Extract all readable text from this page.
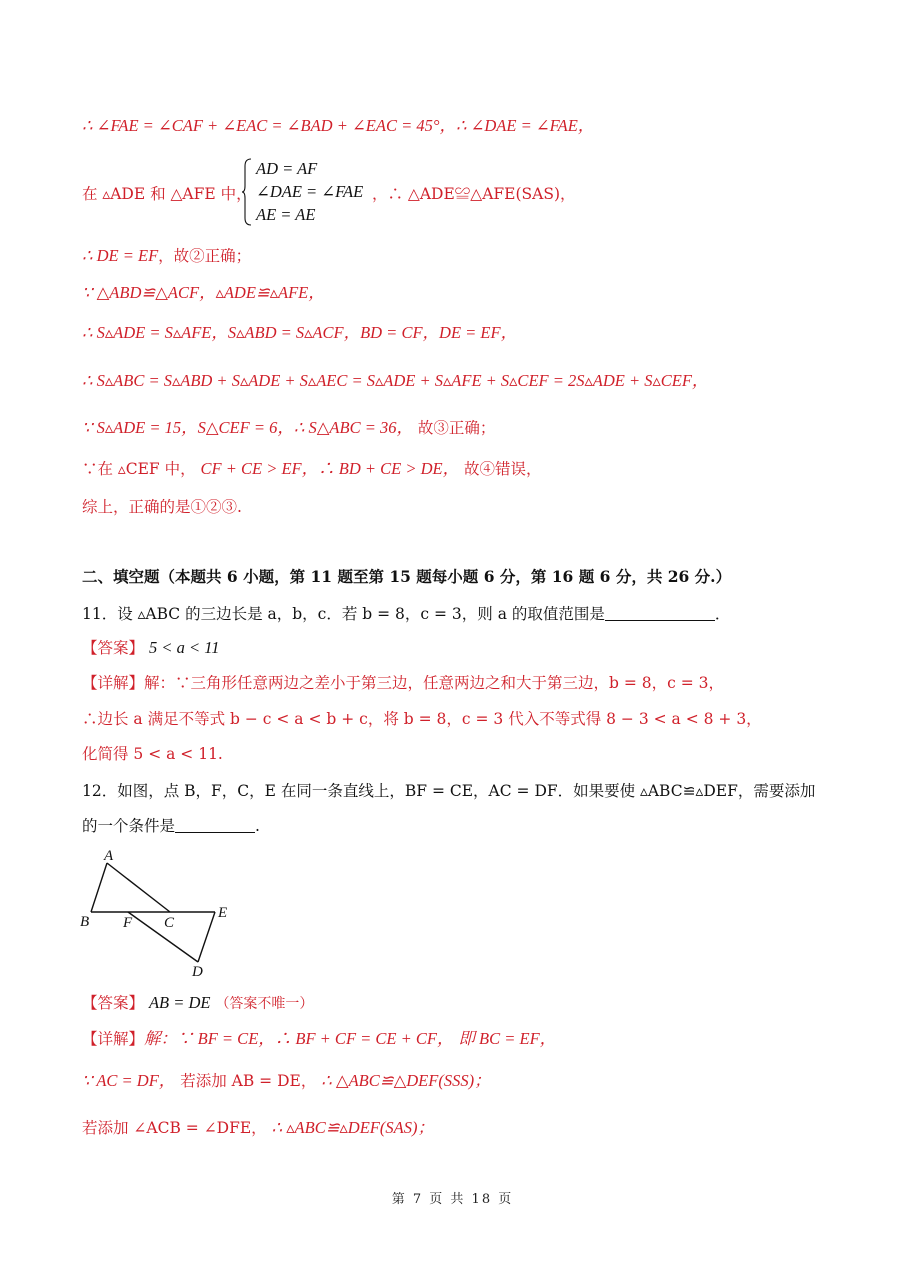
∴ ∠FAE = ∠CAF + ∠EAC = ∠BAD + ∠EAC = 45°，∴ ∠DAE = ∠FAE，
在 ▵ADE 和 △AFE 中，
AD = AF
∠DAE = ∠FAE
AE = AE
，∴ △ADE≌△AFE(SAS)，
∴ DE = EF，故②正确；
∵ △ABD≌△ACF，▵ADE≌▵AFE，
∴ S▵ADE = S▵AFE，S▵ABD = S▵ACF，BD = CF，DE = EF，
∴ S▵ABC = S▵ABD + S▵ADE + S▵AEC = S▵ADE + S▵AFE + S▵CEF = 2S▵ADE + S▵CEF，
∵ S▵ADE = 15，S△CEF = 6，∴ S△ABC = 36， 故③正确；
∵在 ▵CEF 中， CF + CE > EF，∴ BD + CE > DE， 故④错误，
综上，正确的是①②③.
二、填空题（本题共 6 小题，第 11 题至第 15 题每小题 6 分，第 16 题 6 分，共 26 分.）
11．设 ▵ABC 的三边长是 a，b，c．若 b = 8，c = 3，则 a 的取值范围是	．
【答案】 5 < a < 11
【详解】解：∵三角形任意两边之差小于第三边，任意两边之和大于第三边，b = 8，c = 3，
∴边长 a 满足不等式 b − c < a < b + c，将 b = 8，c = 3 代入不等式得 8 − 3 < a < 8 + 3，
化简得 5 < a < 11.
12．如图，点 B，F，C，E 在同一条直线上，BF = CE，AC = DF．如果要使 ▵ABC≌▵DEF，需要添加
的一个条件是	.
A
B F C
E
D
【答案】 AB = DE （答案不唯一）
【详解】解：∵ BF = CE，∴ BF + CF = CE + CF， 即 BC = EF，
∵ AC = DF， 若添加 AB = DE， ∴ △ABC≌△DEF(SSS)；
若添加 ∠ACB = ∠DFE， ∴ ▵ABC≌▵DEF(SAS)；
第 7 页 共 18 页
